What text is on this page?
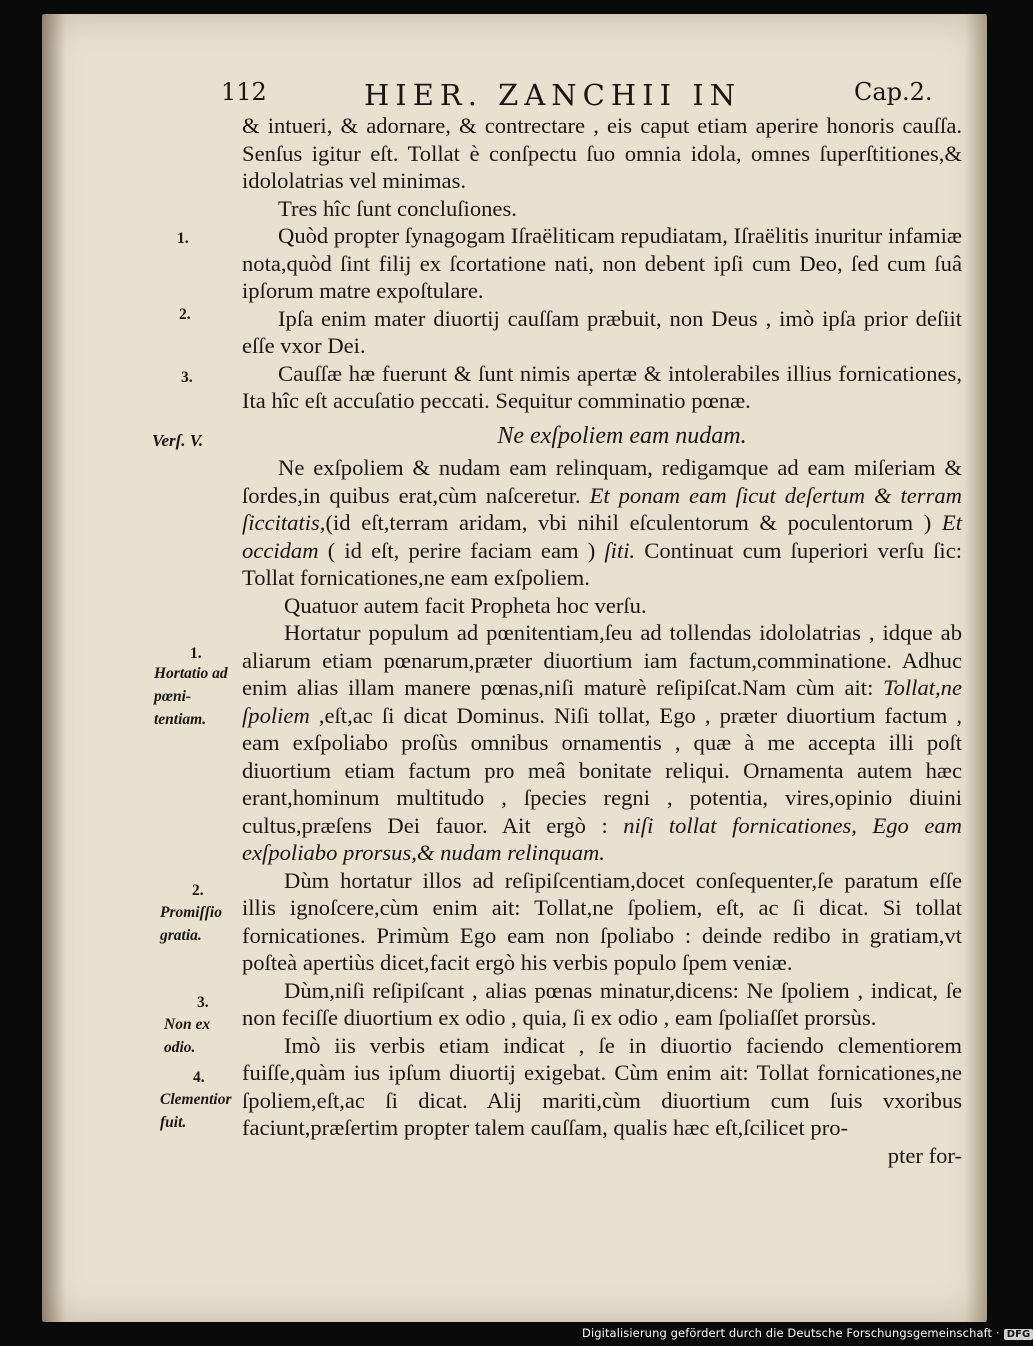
112	HIER. ZANCHII IN	Cap.2.
1.
2.
3.
Verſ. V.
1.
Hortatio ad pœnitentiam.
2.
Promiſſio gratia.
3.
Non ex odio.
4.
Clementior fuit.

& intueri, & adornare, & contrectare , eis caput etiam aperire honoris cauſſa. Senſus igitur eſt. Tollat è conſpectu ſuo omnia idola, omnes ſuperſtitiones,& idololatrias vel minimas.

Tres hîc ſunt concluſiones.

Quòd propter ſynagogam Iſraëliticam repudiatam, Iſraëlitis inuritur infamiæ nota,quòd ſint filij ex ſcortatione nati, non debent ipſi cum Deo, ſed cum ſuâ ipſorum matre expoſtulare.

Ipſa enim mater diuortij cauſſam præbuit, non Deus , imò ipſa prior deſiit eſſe vxor Dei.

Cauſſæ hæ fuerunt & ſunt nimis apertæ & intolerabiles illius fornicationes, Ita hîc eſt accuſatio peccati. Sequitur comminatio pœnæ.

Ne exſpoliem eam nudam.

Ne exſpoliem & nudam eam relinquam, redigamque ad eam miſeriam & ſordes,in quibus erat,cùm naſceretur. Et ponam eam ſicut deſertum & terram ſiccitatis,(id eſt,terram aridam, vbi nihil eſculentorum & poculentorum ) Et occidam ( id eſt, perire faciam eam ) ſiti. Continuat cum ſuperiori verſu ſic: Tollat fornicationes,ne eam exſpoliem.

Quatuor autem facit Propheta hoc verſu.

Hortatur populum ad pœnitentiam,ſeu ad tollendas idololatrias , idque ab aliarum etiam pœnarum,præter diuortium iam factum,comminatione. Adhuc enim alias illam manere pœnas,niſi maturè reſipiſcat.Nam cùm ait: Tollat,ne ſpoliem ,eſt,ac ſi dicat Dominus. Niſi tollat, Ego , præter diuortium factum , eam exſpoliabo proſùs omnibus ornamentis , quæ à me accepta illi poſt diuortium etiam factum pro meâ bonitate reliqui. Ornamenta autem hæc erant,hominum multitudo , ſpecies regni , potentia, vires,opinio diuini cultus,præſens Dei fauor. Ait ergò : niſi tollat fornicationes, Ego eam exſpoliabo prorsus,& nudam relinquam.

Dùm hortatur illos ad reſipiſcentiam,docet conſequenter,ſe paratum eſſe illis ignoſcere,cùm enim ait: Tollat,ne ſpoliem, eſt, ac ſi dicat. Si tollat fornicationes. Primùm Ego eam non ſpoliabo : deinde redibo in gratiam,vt poſteà apertiùs dicet,facit ergò his verbis populo ſpem veniæ.

Dùm,niſi reſipiſcant , alias pœnas minatur,dicens: Ne ſpoliem , indicat, ſe non feciſſe diuortium ex odio , quia, ſi ex odio , eam ſpoliaſſet prorsùs.

Imò iis verbis etiam indicat , ſe in diuortio faciendo clementiorem fuiſſe,quàm ius ipſum diuortij exigebat. Cùm enim ait: Tollat fornicationes,ne ſpoliem,eſt,ac ſi dicat. Alij mariti,cùm diuortium cum ſuis vxoribus faciunt,præſertim propter talem cauſſam, qualis hæc eſt,ſcilicet pro-

pter for-

Digitalisierung gefördert durch die Deutsche Forschungsgemeinschaft · DFG
